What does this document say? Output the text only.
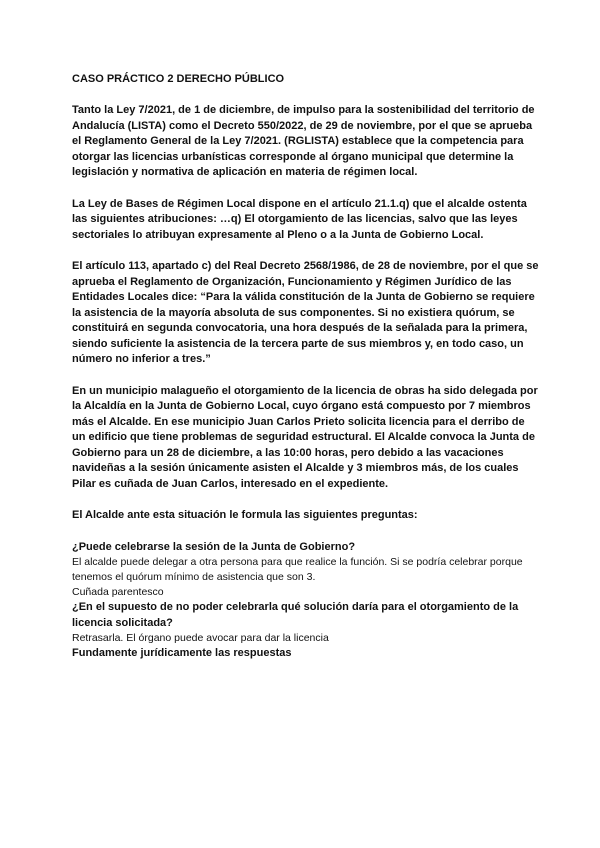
CASO PRÁCTICO 2 DERECHO PÚBLICO

Tanto la Ley 7/2021, de 1 de diciembre, de impulso para la sostenibilidad del territorio de Andalucía (LISTA) como el Decreto 550/2022, de 29 de noviembre, por el que se aprueba el Reglamento General de la Ley 7/2021. (RGLISTA) establece que la competencia para otorgar las licencias urbanísticas corresponde al órgano municipal que determine la legislación y normativa de aplicación en materia de régimen local.

La Ley de Bases de Régimen Local dispone en el artículo 21.1.q) que el alcalde ostenta las siguientes atribuciones: …q) El otorgamiento de las licencias, salvo que las leyes sectoriales lo atribuyan expresamente al Pleno o a la Junta de Gobierno Local.

El artículo 113, apartado c) del Real Decreto 2568/1986, de 28 de noviembre, por el que se aprueba el Reglamento de Organización, Funcionamiento y Régimen Jurídico de las Entidades Locales dice: “Para la válida constitución de la Junta de Gobierno se requiere la asistencia de la mayoría absoluta de sus componentes. Si no existiera quórum, se constituirá en segunda convocatoria, una hora después de la señalada para la primera, siendo suficiente la asistencia de la tercera parte de sus miembros y, en todo caso, un número no inferior a tres.”

En un municipio malagueño el otorgamiento de la licencia de obras ha sido delegada por la Alcaldía en la Junta de Gobierno Local, cuyo órgano está compuesto por 7 miembros más el Alcalde. En ese municipio Juan Carlos Prieto solicita licencia para el derribo de un edificio que tiene problemas de seguridad estructural. El Alcalde convoca la Junta de Gobierno para un 28 de diciembre, a las 10:00 horas, pero debido a las vacaciones navideñas a la sesión únicamente asisten el Alcalde y 3 miembros más, de los cuales Pilar es cuñada de Juan Carlos, interesado en el expediente.

El Alcalde ante esta situación le formula las siguientes preguntas:

¿Puede celebrarse la sesión de la Junta de Gobierno?

El alcalde puede delegar a otra persona para que realice la función. Si se podría celebrar porque tenemos el quórum mínimo de asistencia que son 3.

Cuñada parentesco

¿En el supuesto de no poder celebrarla qué solución daría para el otorgamiento de la licencia solicitada?

Retrasarla. El órgano puede avocar para dar la licencia

Fundamente jurídicamente las respuestas
